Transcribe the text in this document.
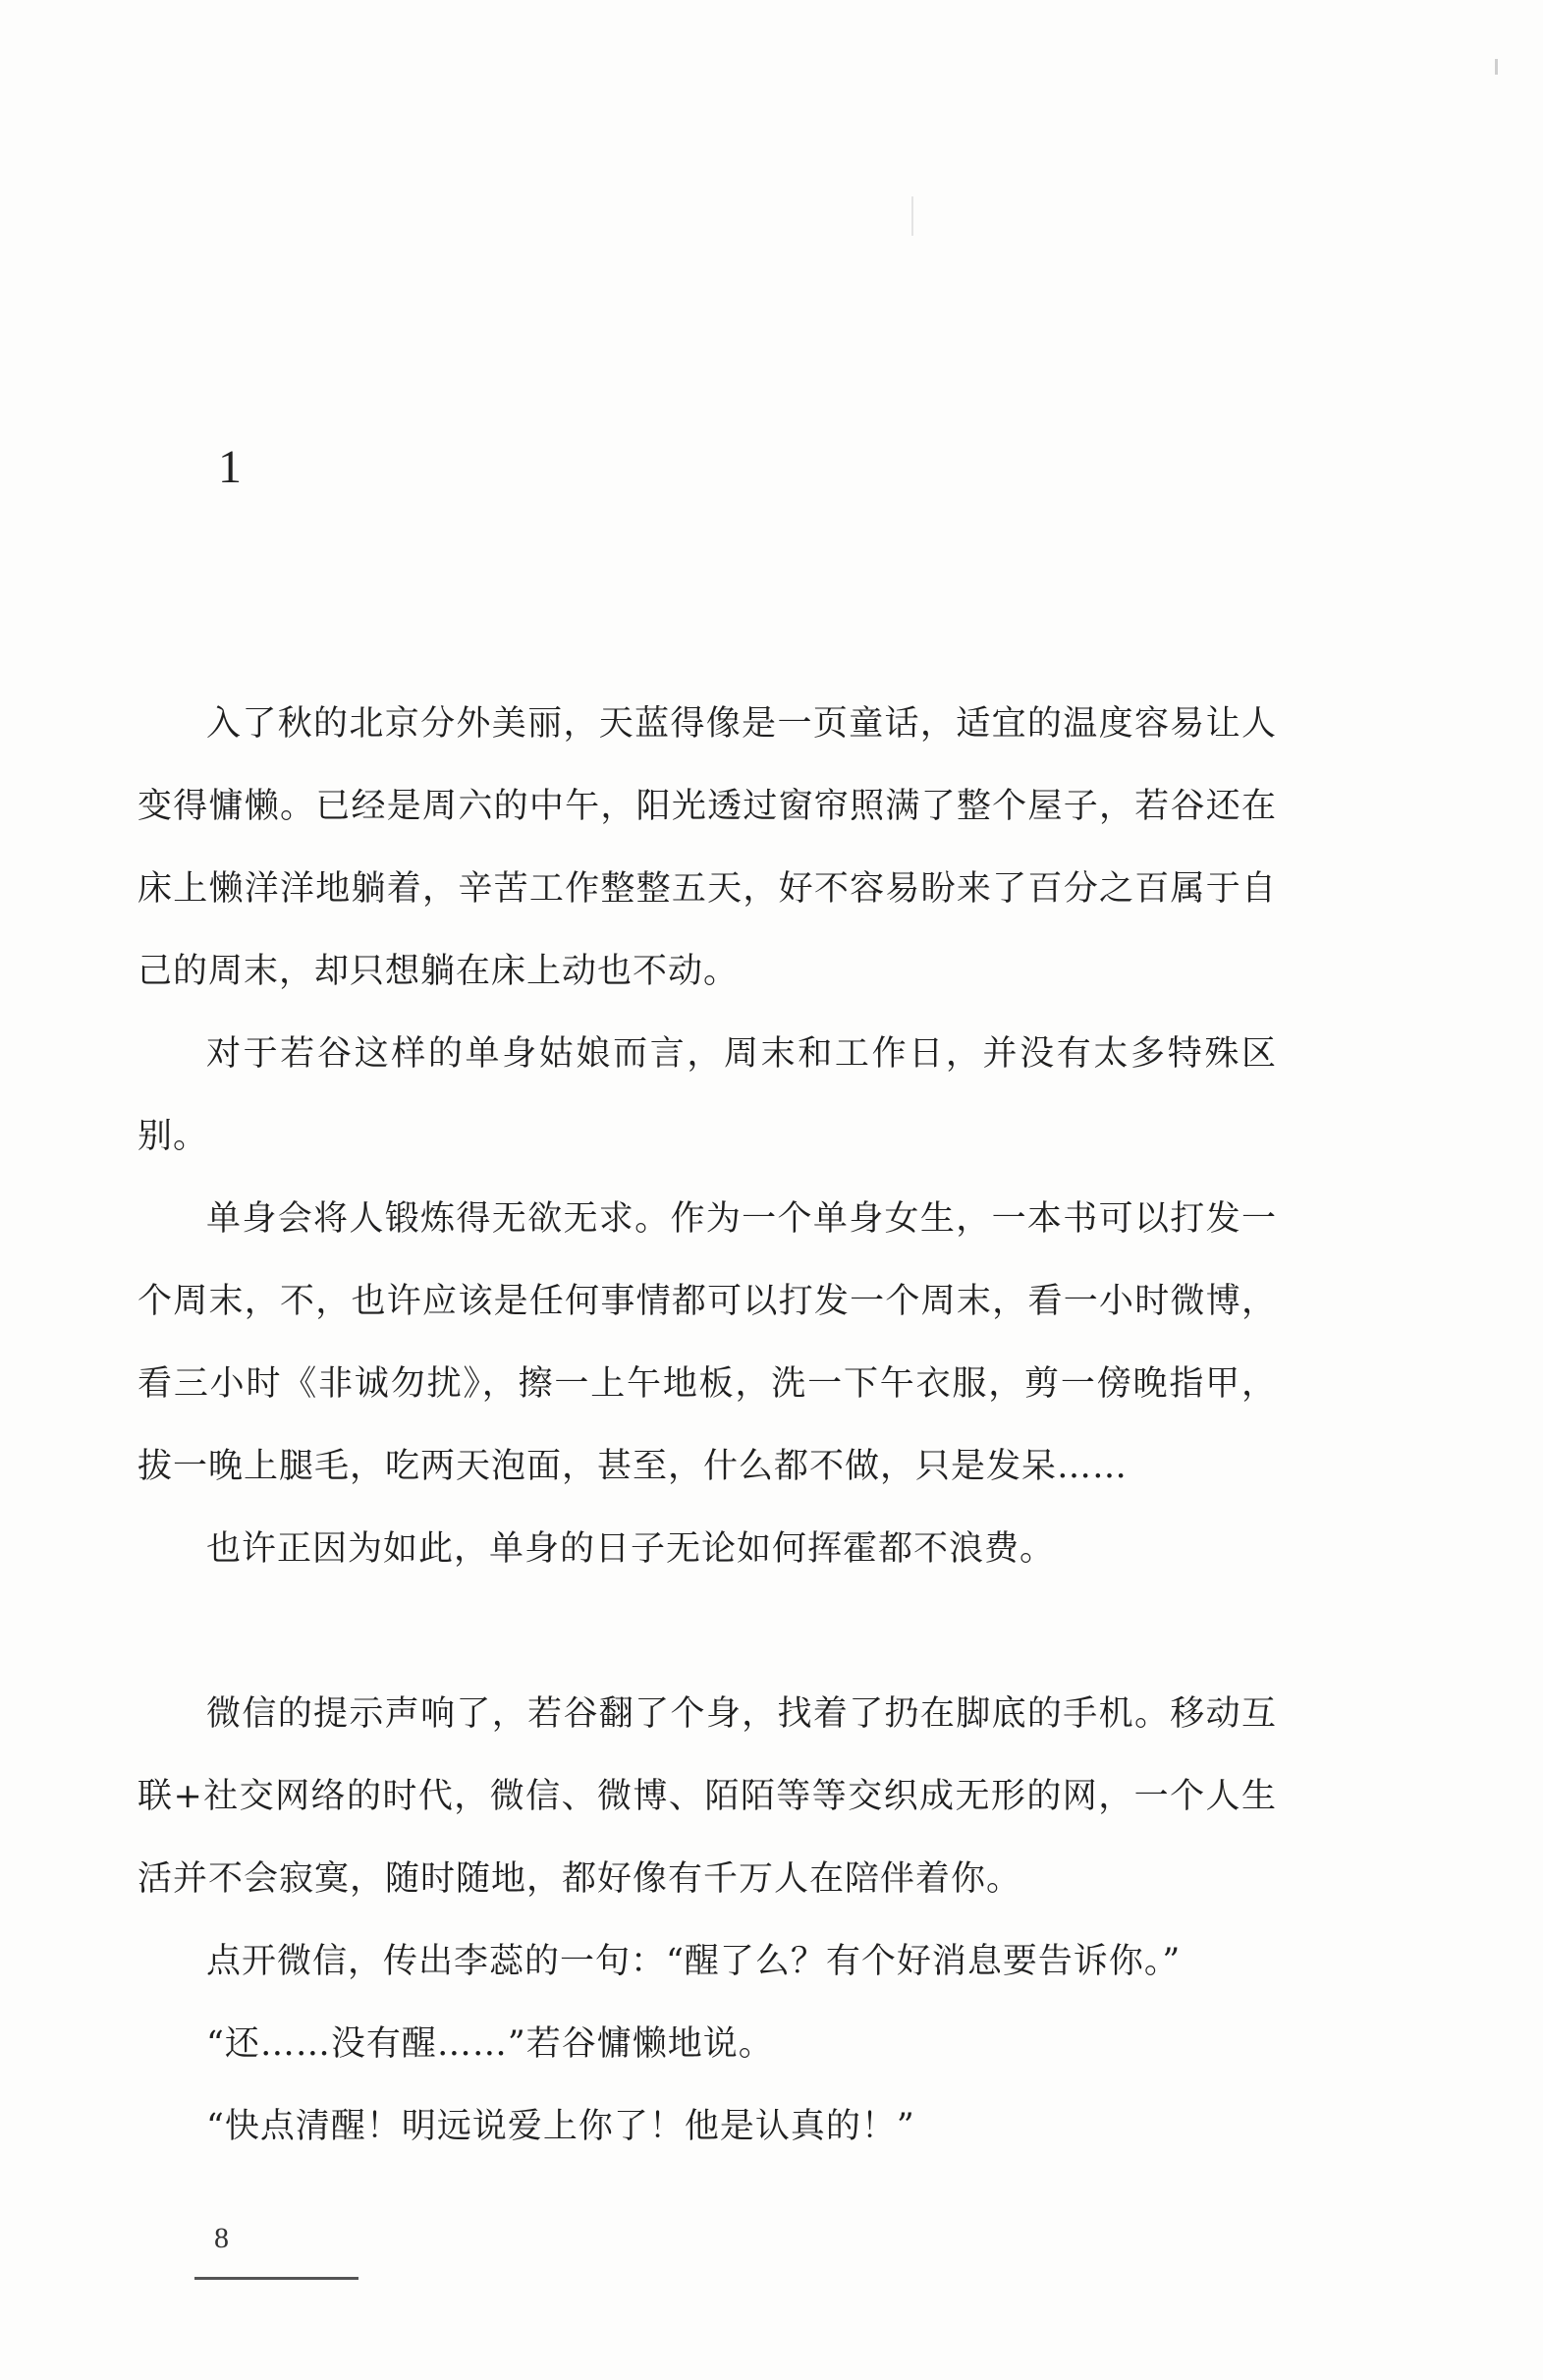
1

入了秋的北京分外美丽，天蓝得像是一页童话，适宜的温度容易让人变得慵懒。已经是周六的中午，阳光透过窗帘照满了整个屋子，若谷还在床上懒洋洋地躺着，辛苦工作整整五天，好不容易盼来了百分之百属于自己的周末，却只想躺在床上动也不动。

对于若谷这样的单身姑娘而言，周末和工作日，并没有太多特殊区别。

单身会将人锻炼得无欲无求。作为一个单身女生，一本书可以打发一个周末，不，也许应该是任何事情都可以打发一个周末，看一小时微博，看三小时《非诚勿扰》，擦一上午地板，洗一下午衣服，剪一傍晚指甲，拔一晚上腿毛，吃两天泡面，甚至，什么都不做，只是发呆……

也许正因为如此，单身的日子无论如何挥霍都不浪费。

微信的提示声响了，若谷翻了个身，找着了扔在脚底的手机。移动互联+社交网络的时代，微信、微博、陌陌等等交织成无形的网，一个人生活并不会寂寞，随时随地，都好像有千万人在陪伴着你。

点开微信，传出李蕊的一句：“醒了么？有个好消息要告诉你。”

“还……没有醒……”若谷慵懒地说。

“快点清醒！明远说爱上你了！他是认真的！”

8
